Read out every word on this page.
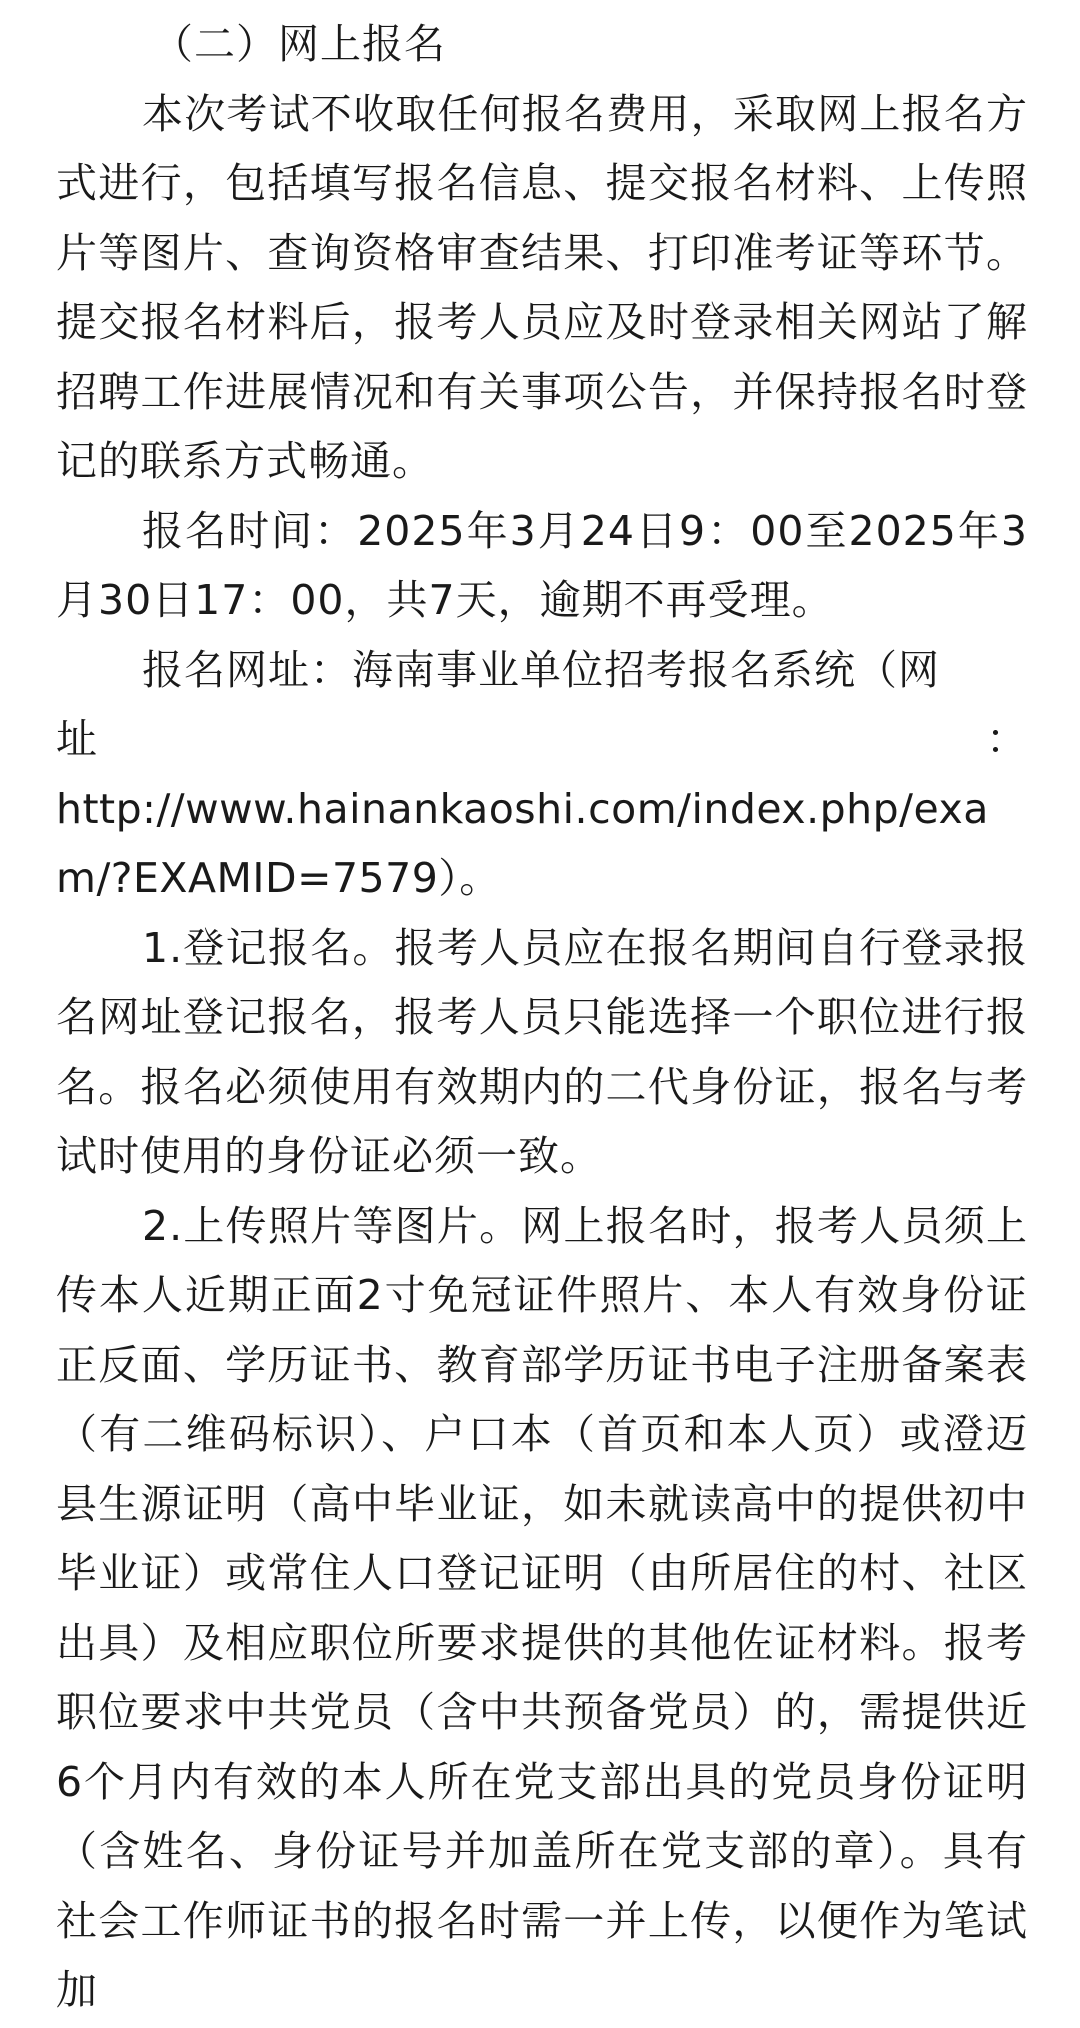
（二）网上报名

本次考试不收取任何报名费用，采取网上报名方式进行，包括填写报名信息、提交报名材料、上传照片等图片、查询资格审查结果、打印准考证等环节。提交报名材料后，报考人员应及时登录相关网站了解招聘工作进展情况和有关事项公告，并保持报名时登记的联系方式畅通。

报名时间：2025年3月24日9：00至2025年3月30日17：00，共7天，逾期不再受理。

报名网址：海南事业单位招考报名系统（网

址	：

http://www.hainankaoshi.com/index.php/exam/?EXAMID=7579）。

1.登记报名。报考人员应在报名期间自行登录报名网址登记报名，报考人员只能选择一个职位进行报名。报名必须使用有效期内的二代身份证，报名与考试时使用的身份证必须一致。

2.上传照片等图片。网上报名时，报考人员须上传本人近期正面2寸免冠证件照片、本人有效身份证正反面、学历证书、教育部学历证书电子注册备案表（有二维码标识）、户口本（首页和本人页）或澄迈县生源证明（高中毕业证，如未就读高中的提供初中毕业证）或常住人口登记证明（由所居住的村、社区出具）及相应职位所要求提供的其他佐证材料。报考职位要求中共党员（含中共预备党员）的，需提供近6个月内有效的本人所在党支部出具的党员身份证明（含姓名、身份证号并加盖所在党支部的章）。具有社会工作师证书的报名时需一并上传，以便作为笔试加
